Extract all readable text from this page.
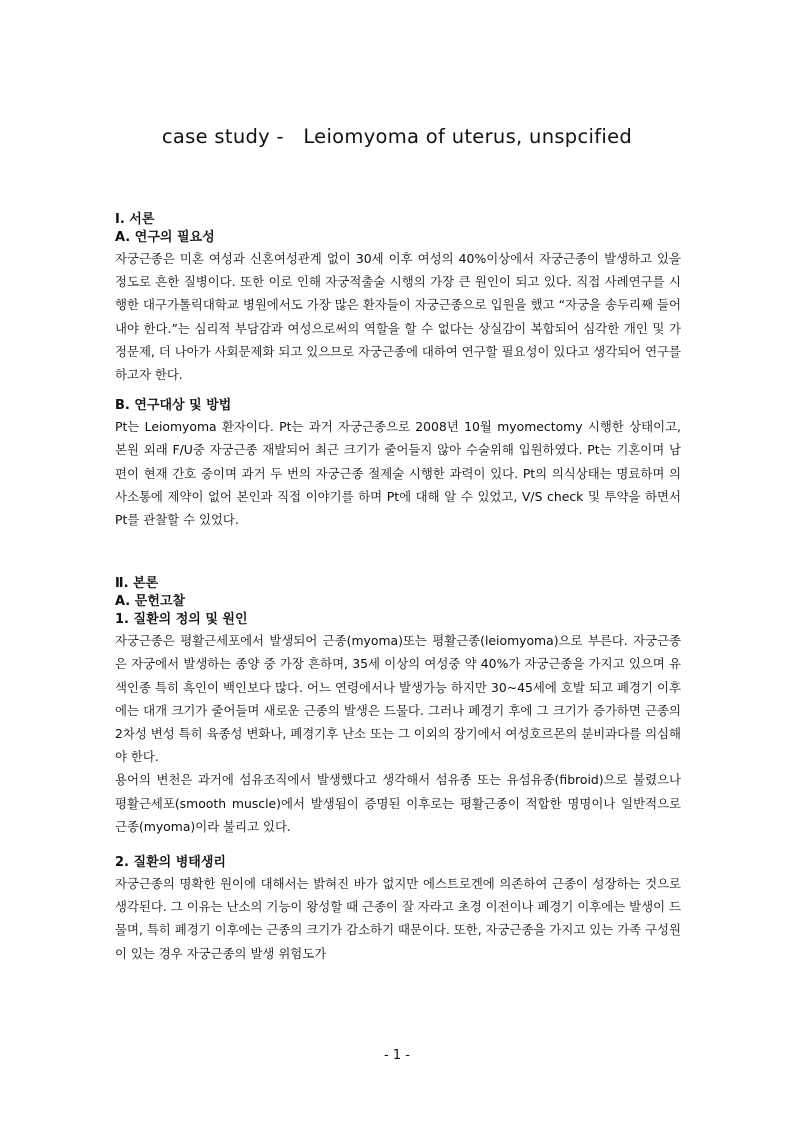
case study -   Leiomyoma of uterus, unspcified

Ⅰ. 서론

A. 연구의 필요성

자궁근종은 미혼 여성과 신혼여성관계 없이 30세 이후 여성의 40%이상에서 자궁근종이 발생하고 있을 정도로 흔한 질병이다. 또한 이로 인해 자궁적출술 시행의 가장 큰 원인이 되고 있다. 직접 사례연구를 시행한 대구가톨릭대학교 병원에서도 가장 많은 환자들이 자궁근종으로 입원을 했고 “자궁을 송두리째 들어내야 한다.”는 심리적 부담감과 여성으로써의 역할을 할 수 없다는 상실감이 복합되어 심각한 개인 및 가정문제, 더 나아가 사회문제화 되고 있으므로 자궁근종에 대하여 연구할 필요성이 있다고 생각되어 연구를 하고자 한다.

B. 연구대상 및 방법

Pt는 Leiomyoma 환자이다. Pt는 과거 자궁근종으로 2008년 10월 myomectomy 시행한 상태이고, 본원 외래 F/U중 자궁근종 재발되어 최근 크기가 줄어들지 않아 수술위해 입원하였다. Pt는 기혼이며 남편이 현재 간호 중이며 과거 두 번의 자궁근종 절제술 시행한 과력이 있다. Pt의 의식상태는 명료하며 의사소통에 제약이 없어 본인과 직접 이야기를 하며 Pt에 대해 알 수 있었고, V/S check 및 투약을 하면서 Pt를 관찰할 수 있었다.

Ⅱ. 본론

A. 문헌고찰

1. 질환의 정의 및 원인

자궁근종은 평활근세포에서 발생되어 근종(myoma)또는 평활근종(leiomyoma)으로 부른다. 자궁근종은 자궁에서 발생하는 종양 중 가장 흔하며, 35세 이상의 여성중 약 40%가 자궁근종을 가지고 있으며 유색인종 특히 흑인이 백인보다 많다. 어느 연령에서나 발생가능 하지만 30~45세에 호발 되고 폐경기 이후에는 대개 크기가 줄어들며 새로운 근종의 발생은 드물다. 그러나 폐경기 후에 그 크기가 증가하면 근종의 2차성 변성 특히 육종성 변화나, 폐경기후 난소 또는 그 이외의 장기에서 여성호르몬의 분비과다를 의심해야 한다.

용어의 변천은 과거에 섬유조직에서 발생했다고 생각해서 섬유종 또는 유섬유종(fibroid)으로 불렸으나 평활근세포(smooth muscle)에서 발생됨이 증명된 이후로는 평활근종이 적합한 명명이나 일반적으로 근종(myoma)이라 불리고 있다.

2. 질환의 병태생리

자궁근종의 명확한 원이에 대해서는 밝혀진 바가 없지만 에스트로겐에 의존하여 근종이 성장하는 것으로 생각된다. 그 이유는 난소의 기능이 왕성할 때 근종이 잘 자라고 초경 이전이나 폐경기 이후에는 발생이 드물며, 특히 폐경기 이후에는 근종의 크기가 감소하기 때문이다. 또한, 자궁근종을 가지고 있는 가족 구성원이 있는 경우 자궁근종의 발생 위험도가

- 1 -
